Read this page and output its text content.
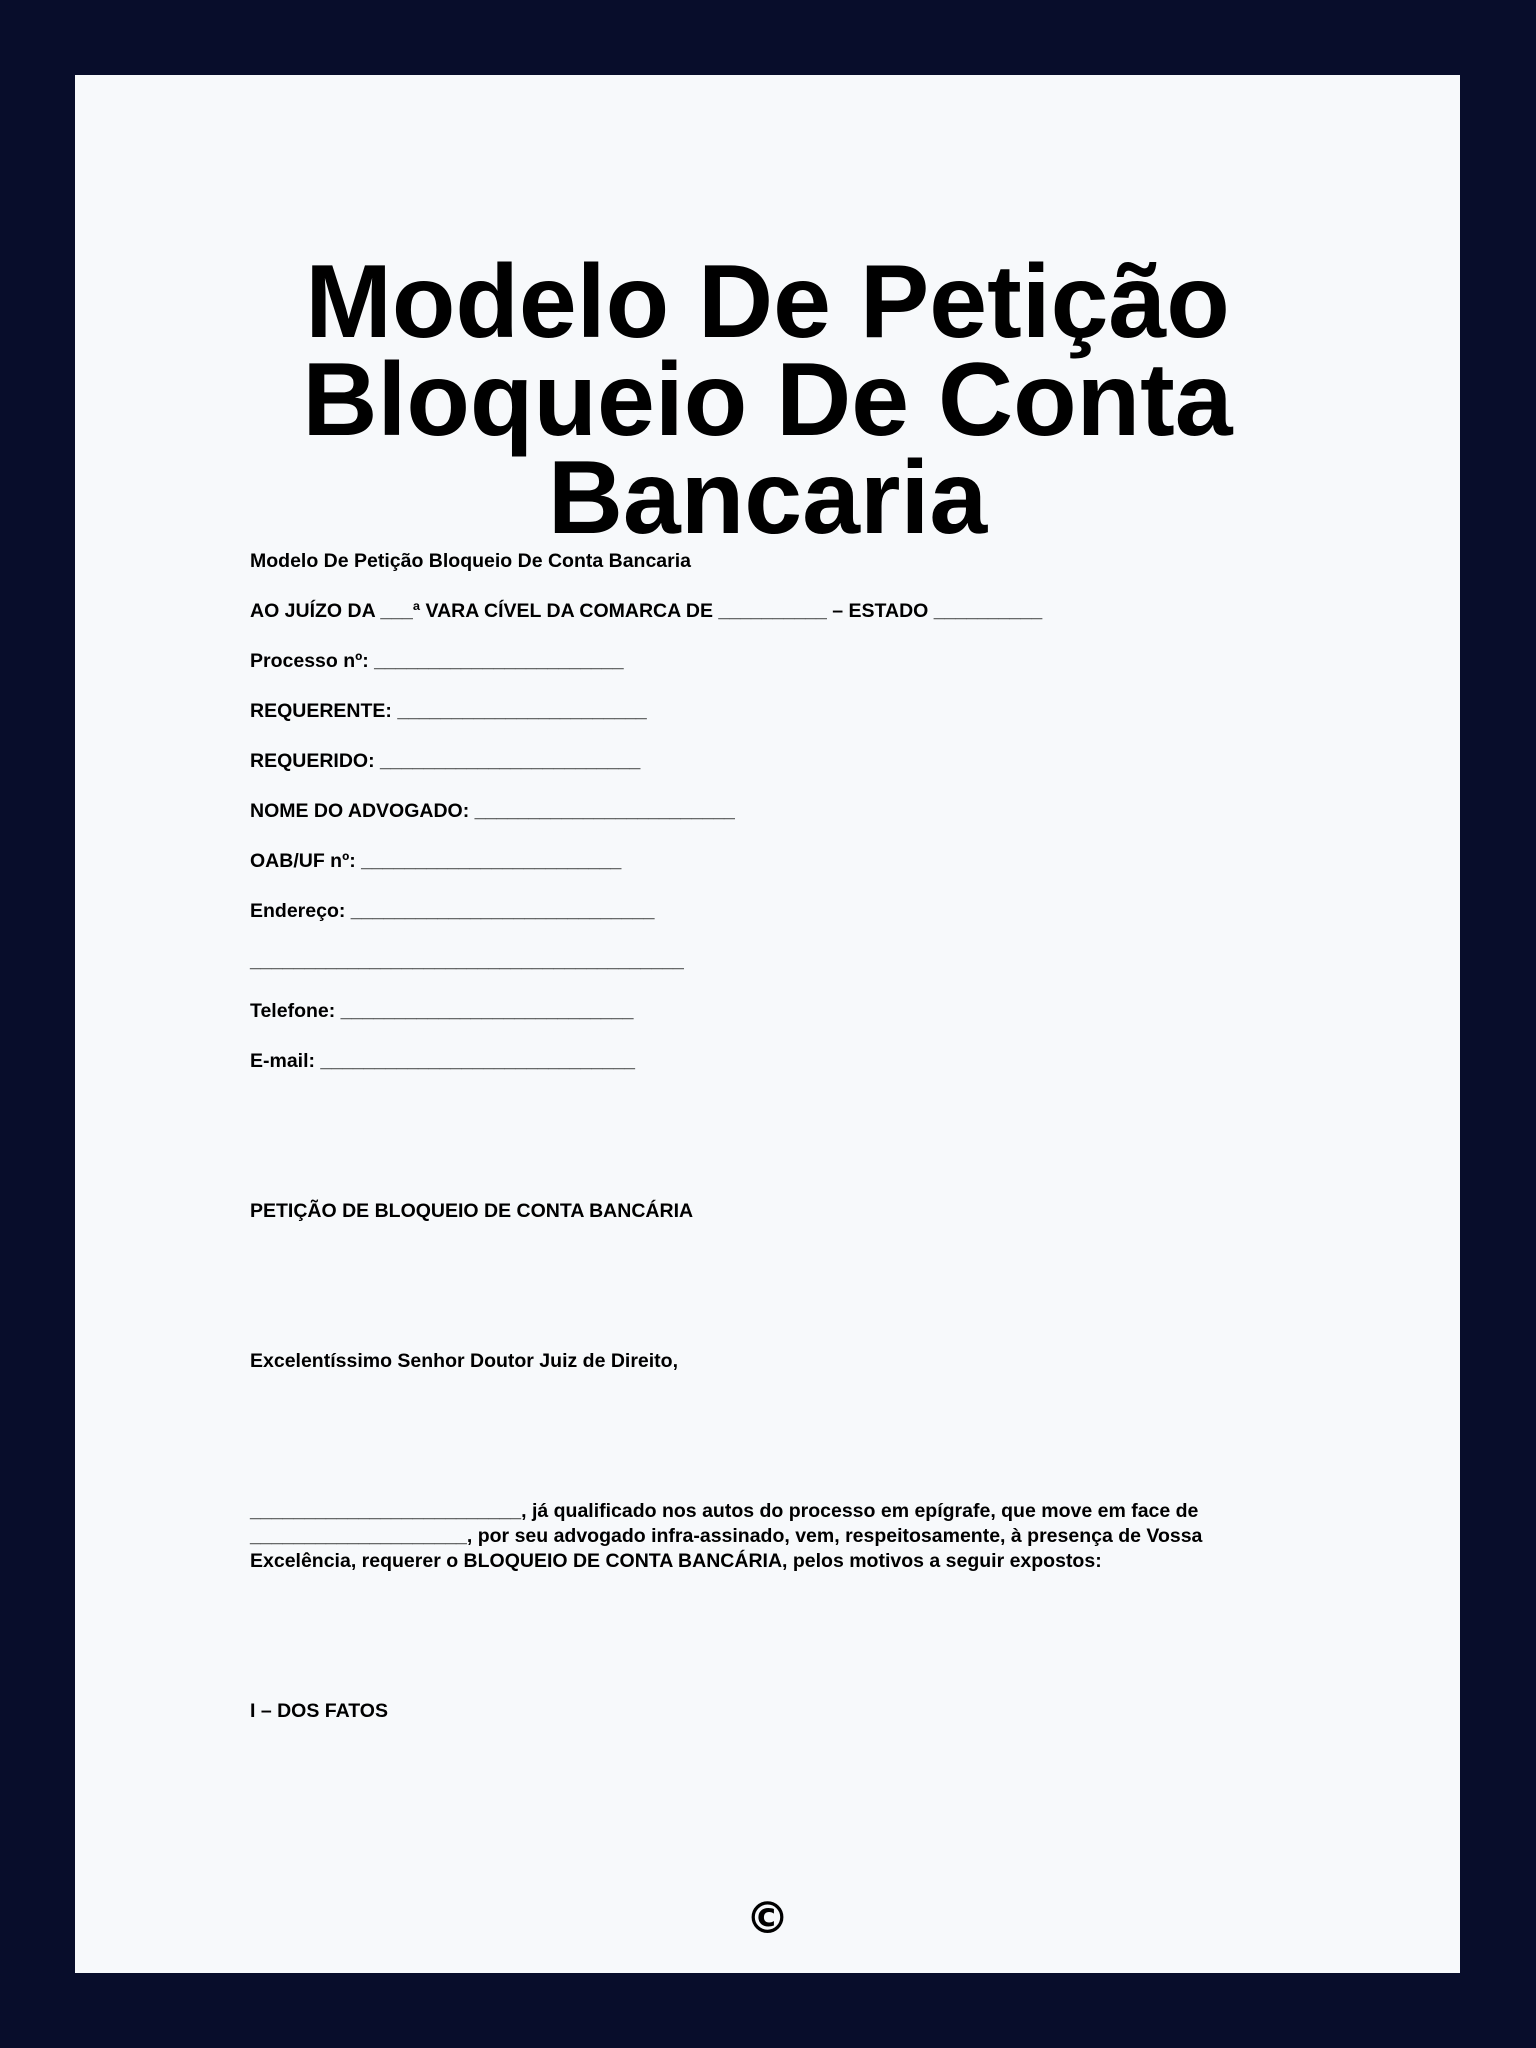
Modelo De Petição Bloqueio De Conta Bancaria
Modelo De Petição Bloqueio De Conta Bancaria
AO JUÍZO DA ___ª VARA CÍVEL DA COMARCA DE __________ – ESTADO __________
Processo nº: _______________________
REQUERENTE: _______________________
REQUERIDO: ________________________
NOME DO ADVOGADO: ________________________
OAB/UF nº: ________________________
Endereço: ____________________________
________________________________________
Telefone: ___________________________
E-mail: _____________________________
PETIÇÃO DE BLOQUEIO DE CONTA BANCÁRIA
Excelentíssimo Senhor Doutor Juiz de Direito,
_________________________, já qualificado nos autos do processo em epígrafe, que move em face de ____________________, por seu advogado infra-assinado, vem, respeitosamente, à presença de Vossa Excelência, requerer o BLOQUEIO DE CONTA BANCÁRIA, pelos motivos a seguir expostos:
I – DOS FATOS
©
